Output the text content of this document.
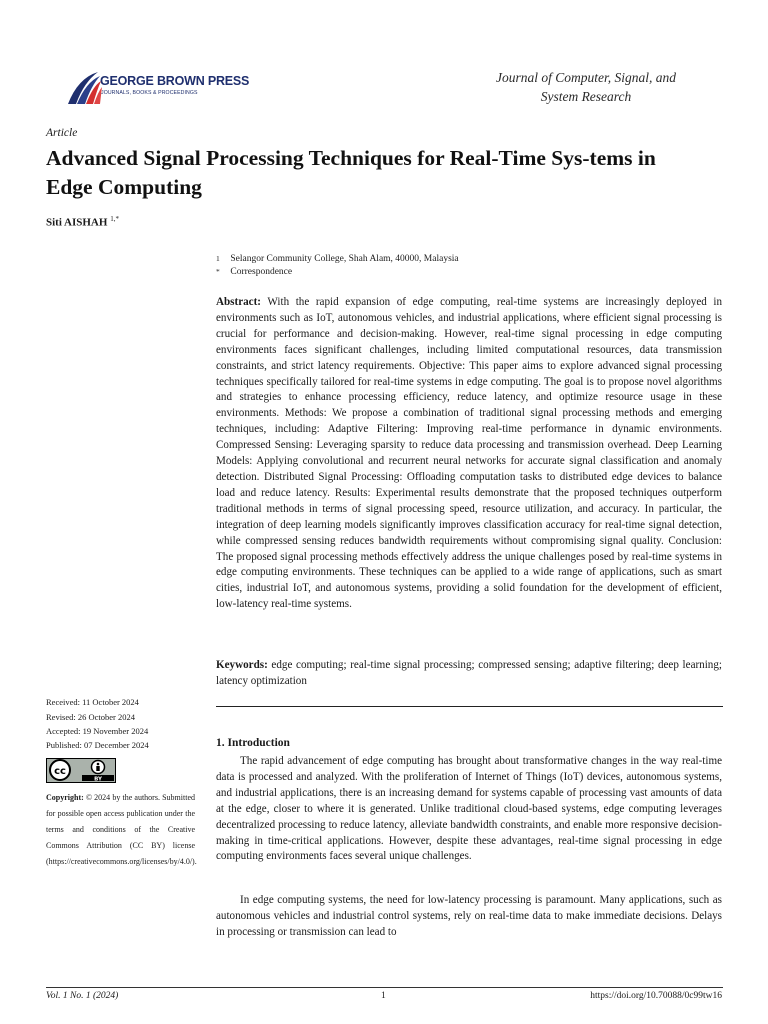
GEORGE BROWN PRESS
JOURNALS, BOOKS & PROCEEDINGS
Journal of Computer, Signal, and
System Research
Article
Advanced Signal Processing Techniques for Real-Time Sys-tems in Edge Computing
Siti AISHAH $^{1,*}$
1 Selangor Community College, Shah Alam, 40000, Malaysia
* Correspondence
Abstract: With the rapid expansion of edge computing, real-time systems are increasingly deployed in environments such as IoT, autonomous vehicles, and industrial applications, where efficient signal processing is crucial for performance and decision-making. However, real-time signal processing in edge computing environments faces significant challenges, including limited computational resources, data transmission constraints, and strict latency requirements. Objective: This paper aims to explore advanced signal processing techniques specifically tailored for real-time systems in edge computing. The goal is to propose novel algorithms and strategies to enhance processing efficiency, reduce latency, and optimize resource usage in these environments. Methods: We propose a combination of traditional signal processing methods and emerging techniques, including: Adaptive Filtering: Improving real-time performance in dynamic environments. Compressed Sensing: Leveraging sparsity to reduce data processing and transmission overhead. Deep Learning Models: Applying convolutional and recurrent neural networks for accurate signal classification and anomaly detection. Distributed Signal Processing: Offloading computation tasks to distributed edge devices to balance load and reduce latency. Results: Experimental results demonstrate that the proposed techniques outperform traditional methods in terms of signal processing speed, resource utilization, and accuracy. In particular, the integration of deep learning models significantly improves classification accuracy for real-time signal detection, while compressed sensing reduces bandwidth requirements without compromising signal quality. Conclusion: The proposed signal processing methods effectively address the unique challenges posed by real-time systems in edge computing environments. These techniques can be applied to a wide range of applications, such as smart cities, industrial IoT, and autonomous systems, providing a solid foundation for the development of efficient, low-latency real-time systems.
Keywords: edge computing; real-time signal processing; compressed sensing; adaptive filtering; deep learning; latency optimization
Received: 11 October 2024
Revised: 26 October 2024
Accepted: 19 November 2024
Published: 07 December 2024
cc
BY
Copyright: © 2024 by the authors. Submitted for possible open access publication under the terms and conditions of the Creative Commons Attribution (CC BY) license (https://creativecommons.org/licenses/by/4.0/).
1. Introduction

The rapid advancement of edge computing has brought about transformative changes in the way real-time data is processed and analyzed. With the proliferation of Internet of Things (IoT) devices, autonomous systems, and industrial applications, there is an increasing demand for systems capable of processing vast amounts of data at the edge, closer to where it is generated. Unlike traditional cloud-based systems, edge computing leverages decentralized processing to reduce latency, alleviate bandwidth constraints, and enable more responsive decision-making in time-critical applications. However, despite these advantages, real-time signal processing in edge computing environments faces several unique challenges.

In edge computing systems, the need for low-latency processing is paramount. Many applications, such as autonomous vehicles and industrial control systems, rely on real-time data to make immediate decisions. Delays in processing or transmission can lead to

Vol. 1 No. 1 (2024)	1	https://doi.org/10.70088/0c99tw16
